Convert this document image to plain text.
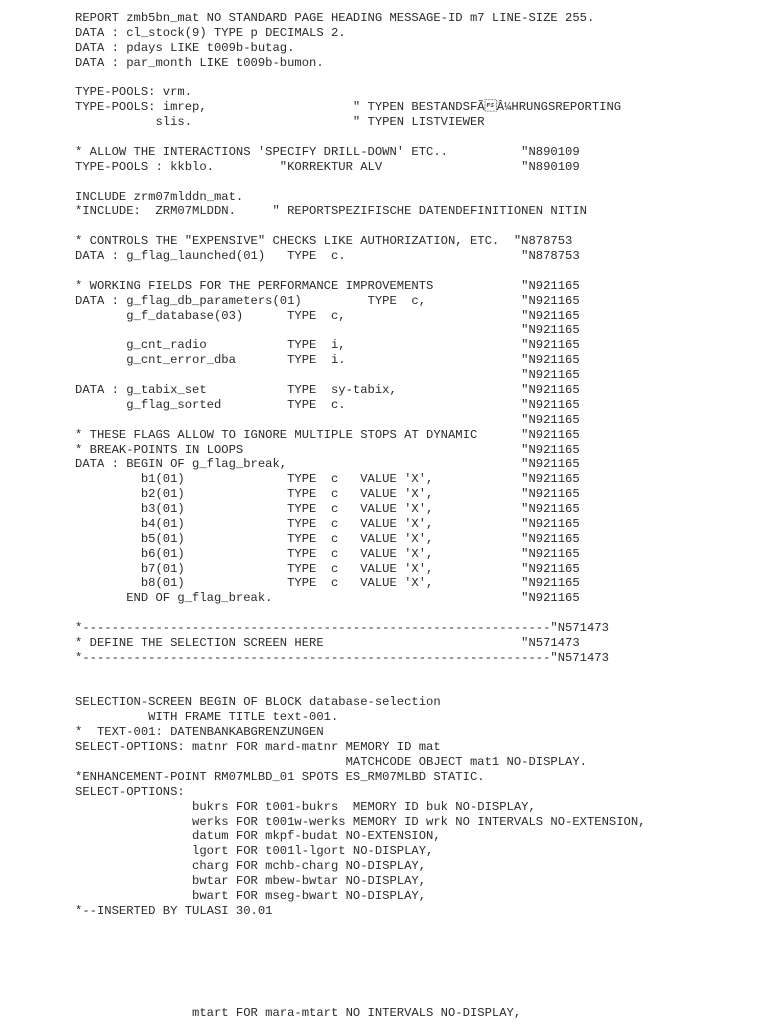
REPORT zmb5bn_mat NO STANDARD PAGE HEADING MESSAGE-ID m7 LINE-SIZE 255.
DATA : cl_stock(9) TYPE p DECIMALS 2.
DATA : pdays LIKE t009b-butag.
DATA : par_month LIKE t009b-bumon.
TYPE-POOLS: vrm.
TYPE-POOLS: imrep,                    " TYPEN BESTANDSFÃÂ¼HRUNGSREPORTING
slis.                      " TYPEN LISTVIEWER
* ALLOW THE INTERACTIONS 'SPECIFY DRILL-DOWN' ETC..          "N890109
TYPE-POOLS : kkblo.         "KORREKTUR ALV                   "N890109
INCLUDE zrm07mlddn_mat.
*INCLUDE:  ZRM07MLDDN.     " REPORTSPEZIFISCHE DATENDEFINITIONEN NITIN
* CONTROLS THE "EXPENSIVE" CHECKS LIKE AUTHORIZATION, ETC.  "N878753
DATA : g_flag_launched(01)   TYPE  c.                        "N878753
* WORKING FIELDS FOR THE PERFORMANCE IMPROVEMENTS            "N921165
DATA : g_flag_db_parameters(01)         TYPE  c,             "N921165
g_f_database(03)      TYPE  c,                        "N921165
"N921165
g_cnt_radio           TYPE  i,                        "N921165
g_cnt_error_dba       TYPE  i.                        "N921165
"N921165
DATA : g_tabix_set           TYPE  sy-tabix,                 "N921165
g_flag_sorted         TYPE  c.                        "N921165
"N921165
* THESE FLAGS ALLOW TO IGNORE MULTIPLE STOPS AT DYNAMIC      "N921165
* BREAK-POINTS IN LOOPS                                      "N921165
DATA : BEGIN OF g_flag_break,                                "N921165
b1(01)              TYPE  c   VALUE 'X',            "N921165
b2(01)              TYPE  c   VALUE 'X',            "N921165
b3(01)              TYPE  c   VALUE 'X',            "N921165
b4(01)              TYPE  c   VALUE 'X',            "N921165
b5(01)              TYPE  c   VALUE 'X',            "N921165
b6(01)              TYPE  c   VALUE 'X',            "N921165
b7(01)              TYPE  c   VALUE 'X',            "N921165
b8(01)              TYPE  c   VALUE 'X',            "N921165
END OF g_flag_break.                                  "N921165
*----------------------------------------------------------------"N571473
* DEFINE THE SELECTION SCREEN HERE                           "N571473
*----------------------------------------------------------------"N571473
SELECTION-SCREEN BEGIN OF BLOCK database-selection
WITH FRAME TITLE text-001.
*  TEXT-001: DATENBANKABGRENZUNGEN
SELECT-OPTIONS: matnr FOR mard-matnr MEMORY ID mat
MATCHCODE OBJECT mat1 NO-DISPLAY.
*ENHANCEMENT-POINT RM07MLBD_01 SPOTS ES_RM07MLBD STATIC.
SELECT-OPTIONS:
bukrs FOR t001-bukrs  MEMORY ID buk NO-DISPLAY,
werks FOR t001w-werks MEMORY ID wrk NO INTERVALS NO-EXTENSION,
datum FOR mkpf-budat NO-EXTENSION,
lgort FOR t001l-lgort NO-DISPLAY,
charg FOR mchb-charg NO-DISPLAY,
bwtar FOR mbew-bwtar NO-DISPLAY,
bwart FOR mseg-bwart NO-DISPLAY,
*--INSERTED BY TULASI 30.01
mtart FOR mara-mtart NO INTERVALS NO-DISPLAY,
